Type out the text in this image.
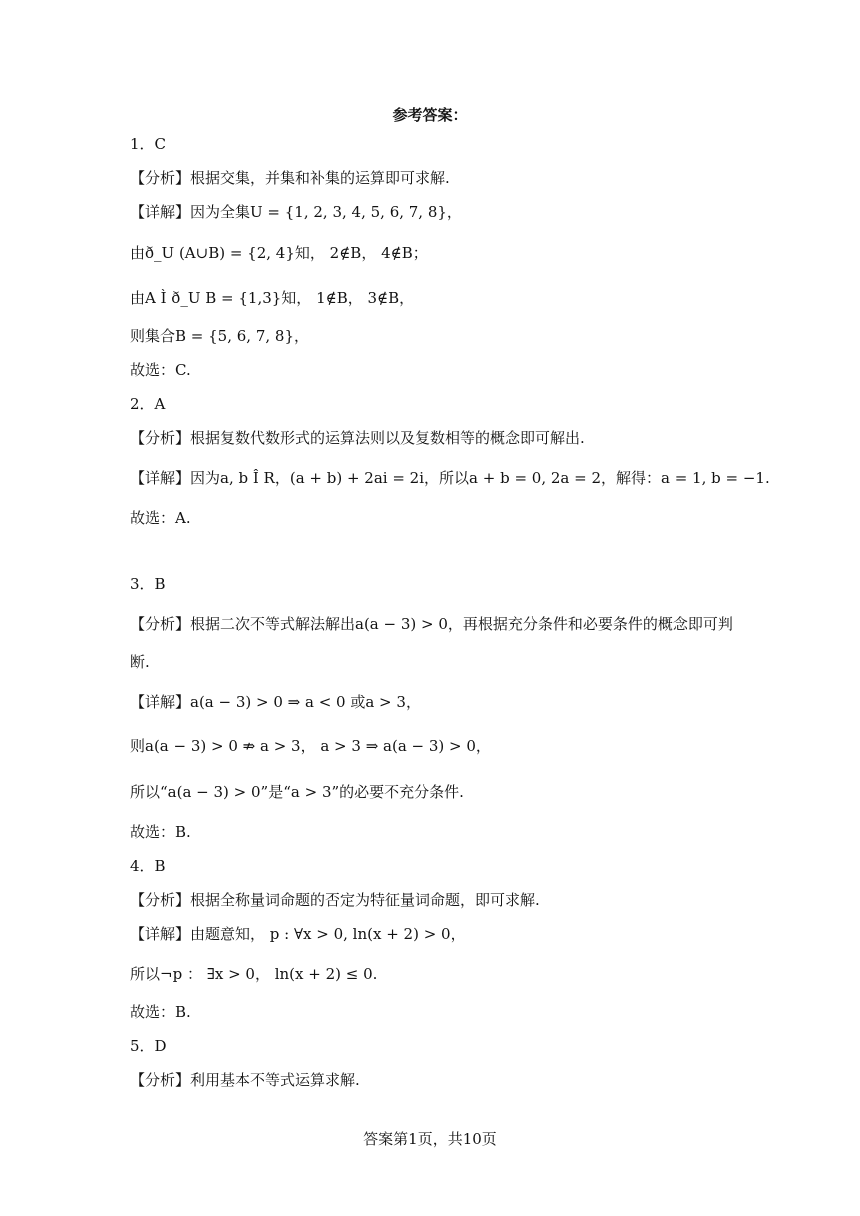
参考答案：
1．C
【分析】根据交集，并集和补集的运算即可求解.
【详解】因为全集U = {1, 2, 3, 4, 5, 6, 7, 8}，
由ð_U (A∪B) = {2, 4}知， 2∉B， 4∉B；
由A Ì ð_U B = {1,3}知， 1∉B， 3∉B，
则集合B = {5, 6, 7, 8}，
故选：C.
2．A
【分析】根据复数代数形式的运算法则以及复数相等的概念即可解出.
【详解】因为a, b Î R，(a + b) + 2ai = 2i，所以a + b = 0, 2a = 2，解得：a = 1, b = −1.
故选：A.
3．B
【分析】根据二次不等式解法解出a(a − 3) > 0，再根据充分条件和必要条件的概念即可判
断.
【详解】a(a − 3) > 0 ⇒ a < 0 或a > 3，
则a(a − 3) > 0 ⇏ a > 3， a > 3 ⇒ a(a − 3) > 0，
所以“a(a − 3) > 0”是“a > 3”的必要不充分条件.
故选：B.
4．B
【分析】根据全称量词命题的否定为特征量词命题，即可求解.
【详解】由题意知， p : ∀x > 0, ln(x + 2) > 0，
所以¬p ： ∃x > 0， ln(x + 2) ≤ 0.
故选：B.
5．D
【分析】利用基本不等式运算求解.
答案第1页，共10页
